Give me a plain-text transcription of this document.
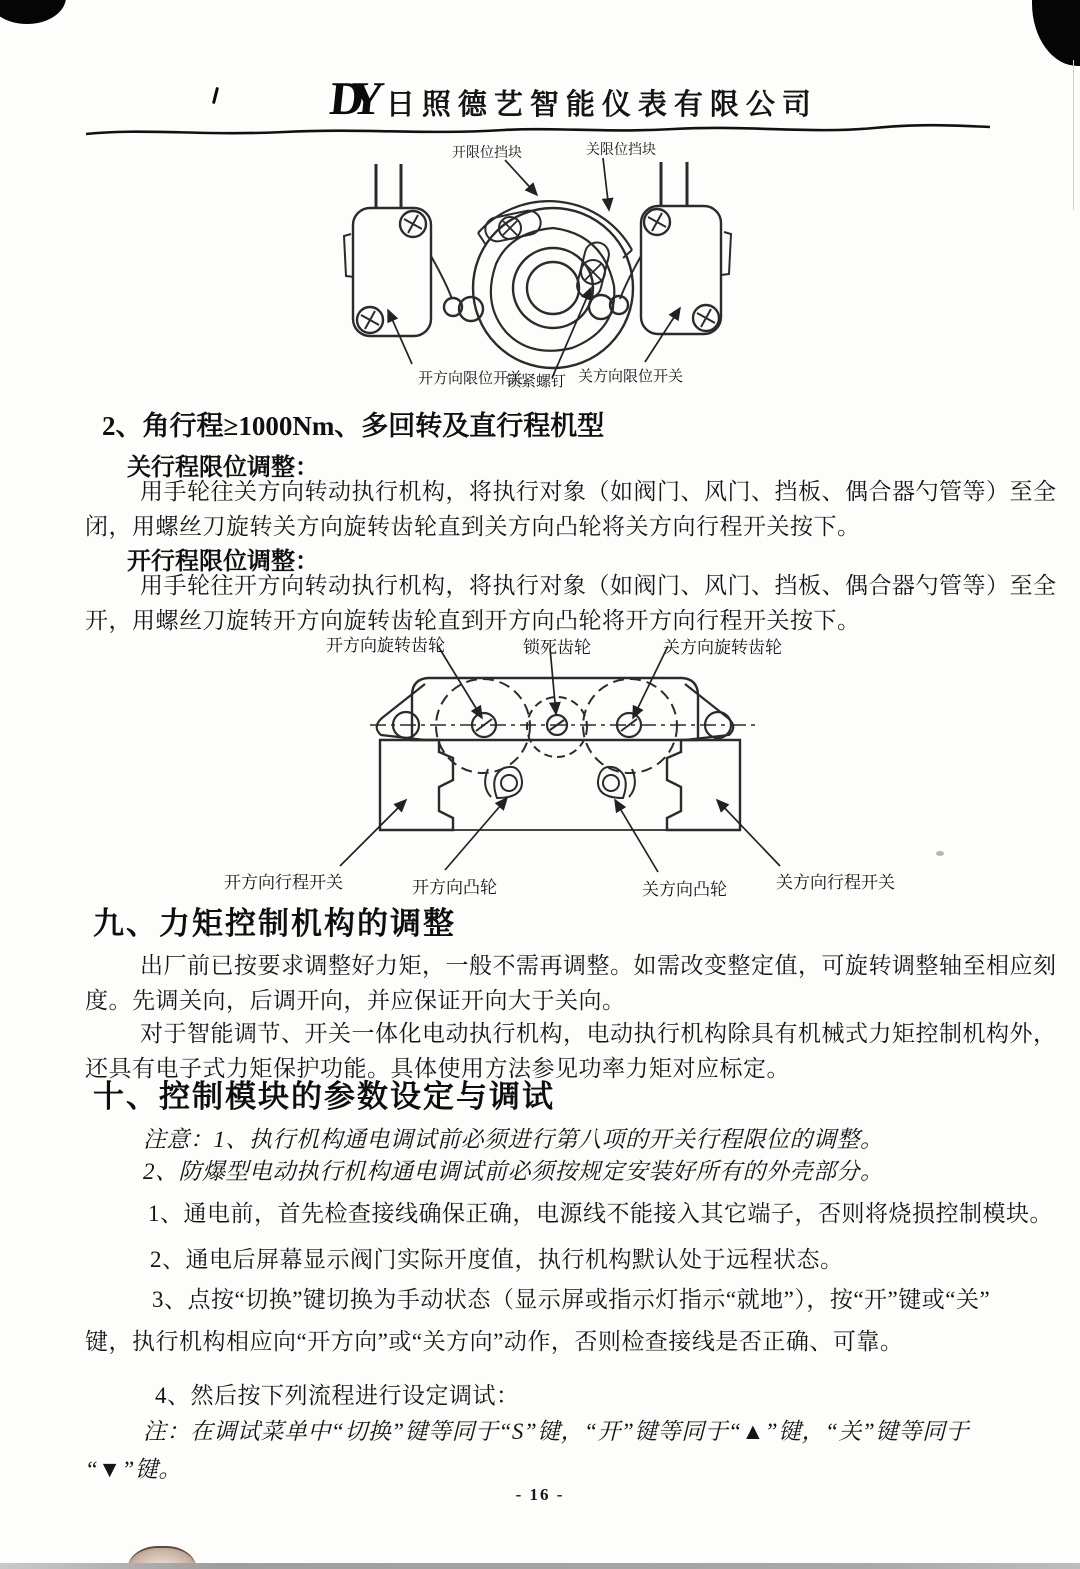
DY 日照德艺智能仪表有限公司
开限位挡块	关限位挡块
开方向限位开关
锁紧螺钉 关方向限位开关
2、角行程≥1000Nm、多回转及直行程机型
关行程限位调整：
用手轮往关方向转动执行机构，将执行对象（如阀门、风门、挡板、偶合器勺管等）至全
闭，用螺丝刀旋转关方向旋转齿轮直到关方向凸轮将关方向行程开关按下。
开行程限位调整：
用手轮往开方向转动执行机构，将执行对象（如阀门、风门、挡板、偶合器勺管等）至全
开，用螺丝刀旋转开方向旋转齿轮直到开方向凸轮将开方向行程开关按下。
开方向旋转齿轮	锁死齿轮	关方向旋转齿轮
开方向行程开关	开方向凸轮	关方向凸轮	关方向行程开关
九、力矩控制机构的调整
出厂前已按要求调整好力矩，一般不需再调整。如需改变整定值，可旋转调整轴至相应刻
度。先调关向，后调开向，并应保证开向大于关向。
对于智能调节、开关一体化电动执行机构，电动执行机构除具有机械式力矩控制机构外，
还具有电子式力矩保护功能。具体使用方法参见功率力矩对应标定。
十、控制模块的参数设定与调试
注意：1、执行机构通电调试前必须进行第八项的开关行程限位的调整。
2、防爆型电动执行机构通电调试前必须按规定安装好所有的外壳部分。
1、通电前，首先检查接线确保正确，电源线不能接入其它端子，否则将烧损控制模块。
2、通电后屏幕显示阀门实际开度值，执行机构默认处于远程状态。
3、点按“切换”键切换为手动状态（显示屏或指示灯指示“就地”），按“开”键或“关”
键，执行机构相应向“开方向”或“关方向”动作，否则检查接线是否正确、可靠。
4、然后按下列流程进行设定调试：
注：在调试菜单中“切换”键等同于“S”键，“开”键等同于“▲”键，“关”键等同于
“▼”键。
- 16 -
